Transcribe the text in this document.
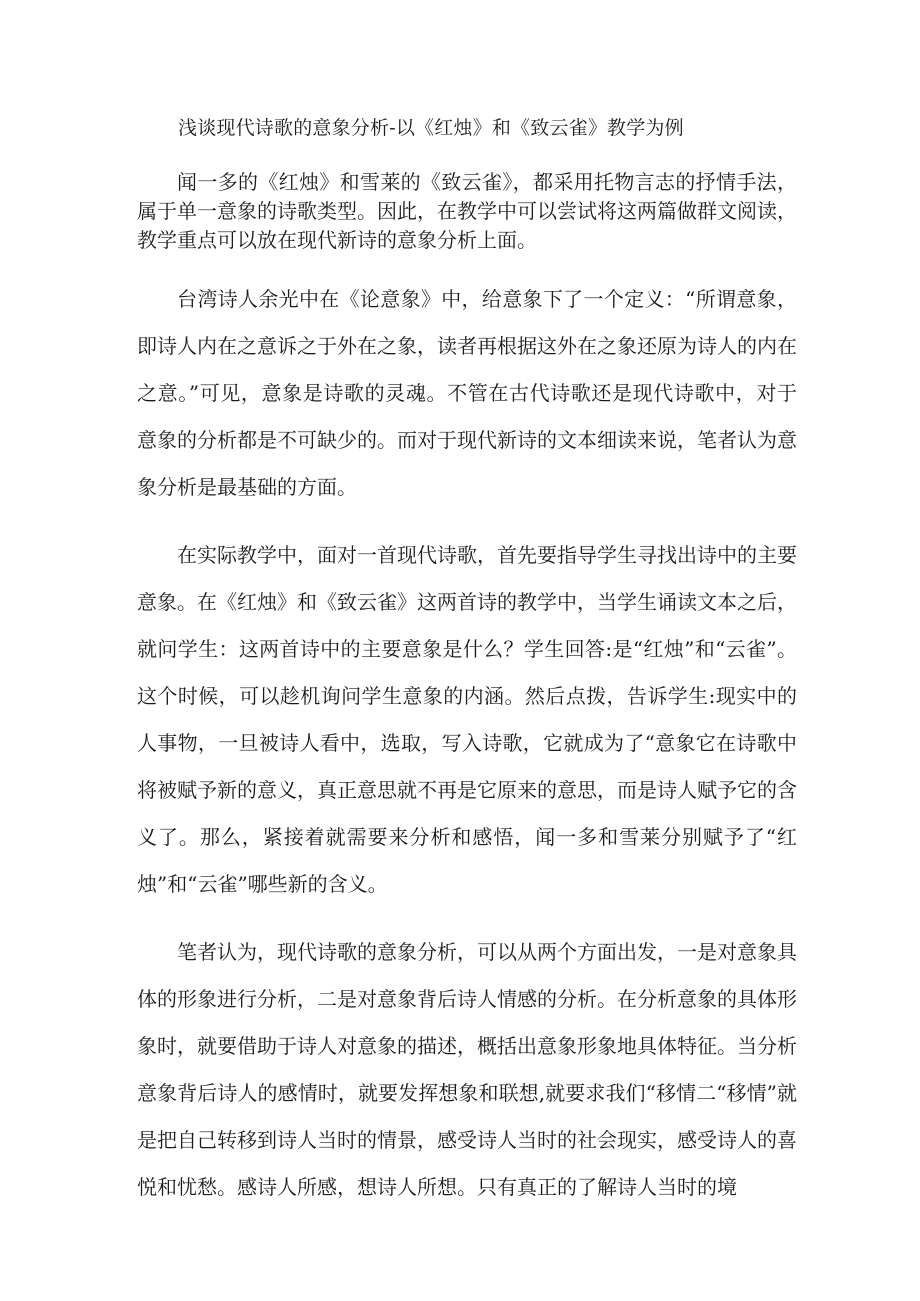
浅谈现代诗歌的意象分析-以《红烛》和《致云雀》教学为例

闻一多的《红烛》和雪莱的《致云雀》，都采用托物言志的抒情手法，属于单一意象的诗歌类型。因此，在教学中可以尝试将这两篇做群文阅读，教学重点可以放在现代新诗的意象分析上面。

台湾诗人余光中在《论意象》中，给意象下了一个定义：“所谓意象，即诗人内在之意诉之于外在之象，读者再根据这外在之象还原为诗人的内在之意。”可见，意象是诗歌的灵魂。不管在古代诗歌还是现代诗歌中，对于意象的分析都是不可缺少的。而对于现代新诗的文本细读来说，笔者认为意象分析是最基础的方面。

在实际教学中，面对一首现代诗歌，首先要指导学生寻找出诗中的主要意象。在《红烛》和《致云雀》这两首诗的教学中，当学生诵读文本之后，就问学生：这两首诗中的主要意象是什么？学生回答:是“红烛”和“云雀”。这个时候，可以趁机询问学生意象的内涵。然后点拨，告诉学生:现实中的人事物，一旦被诗人看中，选取，写入诗歌，它就成为了“意象它在诗歌中将被赋予新的意义，真正意思就不再是它原来的意思，而是诗人赋予它的含义了。那么，紧接着就需要来分析和感悟，闻一多和雪莱分别赋予了“红烛”和“云雀”哪些新的含义。

笔者认为，现代诗歌的意象分析，可以从两个方面出发，一是对意象具体的形象进行分析，二是对意象背后诗人情感的分析。在分析意象的具体形象时，就要借助于诗人对意象的描述，概括出意象形象地具体特征。当分析意象背后诗人的感情时，就要发挥想象和联想,就要求我们“移情二“移情”就是把自己转移到诗人当时的情景，感受诗人当时的社会现实，感受诗人的喜悦和忧愁。感诗人所感，想诗人所想。只有真正的了解诗人当时的境
